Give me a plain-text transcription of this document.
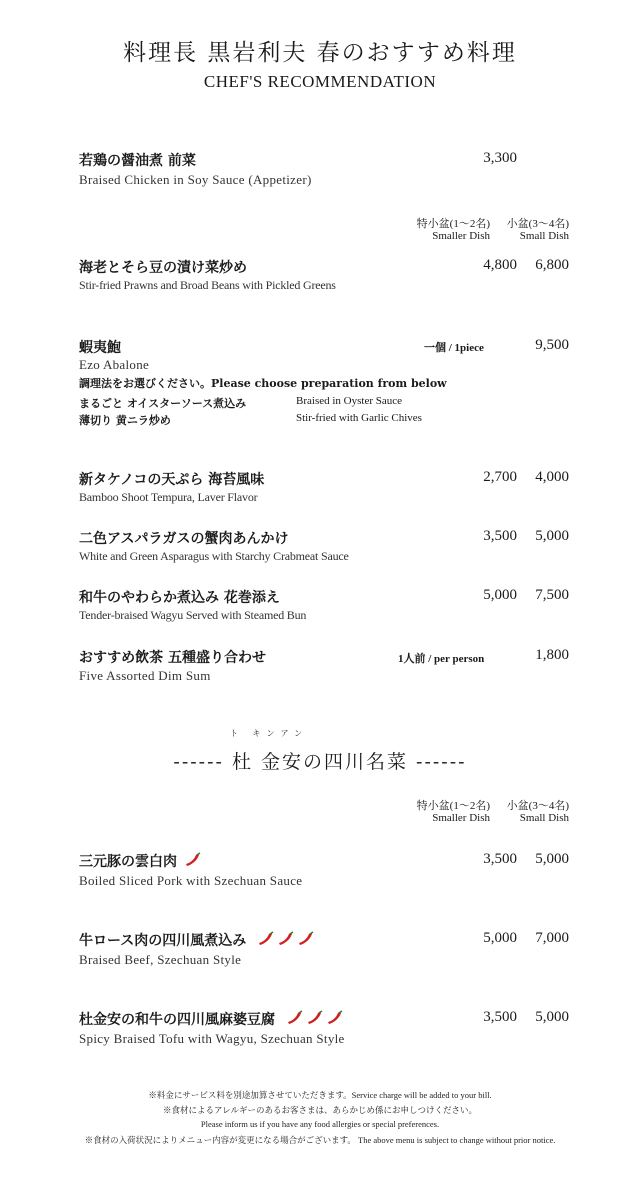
料理長 黒岩利夫 春のおすすめ料理
CHEF'S RECOMMENDATION
若鶏の醤油煮 前菜
Braised Chicken in Soy Sauce (Appetizer)
3,300
特小盆(1～2名)
Smaller Dish
小盆(3～4名)
Small Dish
海老とそら豆の漬け菜炒め
Stir-fried Prawns and Broad Beans with Pickled Greens
4,800	6,800
蝦夷鮑	一個 / 1piece	9,500
Ezo Abalone
調理法をお選びください。Please choose preparation from below
まるごと オイスターソース煮込み	Braised in Oyster Sauce
薄切り 黄ニラ炒め	Stir-fried with Garlic Chives
新タケノコの天ぷら 海苔風味
Bamboo Shoot Tempura, Laver Flavor
2,700	4,000
二色アスパラガスの蟹肉あんかけ
White and Green Asparagus with Starchy Crabmeat Sauce
3,500	5,000
和牛のやわらか煮込み 花巻添え
Tender-braised Wagyu Served with Steamed Bun
5,000	7,500
おすすめ飲茶 五種盛り合わせ	1人前 / per person	1,800
Five Assorted Dim Sum
ト キンアン
------ 杜 金安の四川名菜 ------
特小盆(1～2名)
Smaller Dish
小盆(3～4名)
Small Dish
三元豚の雲白肉
Boiled Sliced Pork with Szechuan Sauce
3,500	5,000
牛ロース肉の四川風煮込み
Braised Beef, Szechuan Style
5,000	7,000
杜金安の和牛の四川風麻婆豆腐
Spicy Braised Tofu with Wagyu, Szechuan Style
3,500	5,000
※料金にサービス料を別途加算させていただきます。Service charge will be added to your bill.
※食材によるアレルギーのあるお客さまは、あらかじめ係にお申しつけください。
Please inform us if you have any food allergies or special preferences.
※食材の入荷状況によりメニュー内容が変更になる場合がございます。 The above menu is subject to change without prior notice.
